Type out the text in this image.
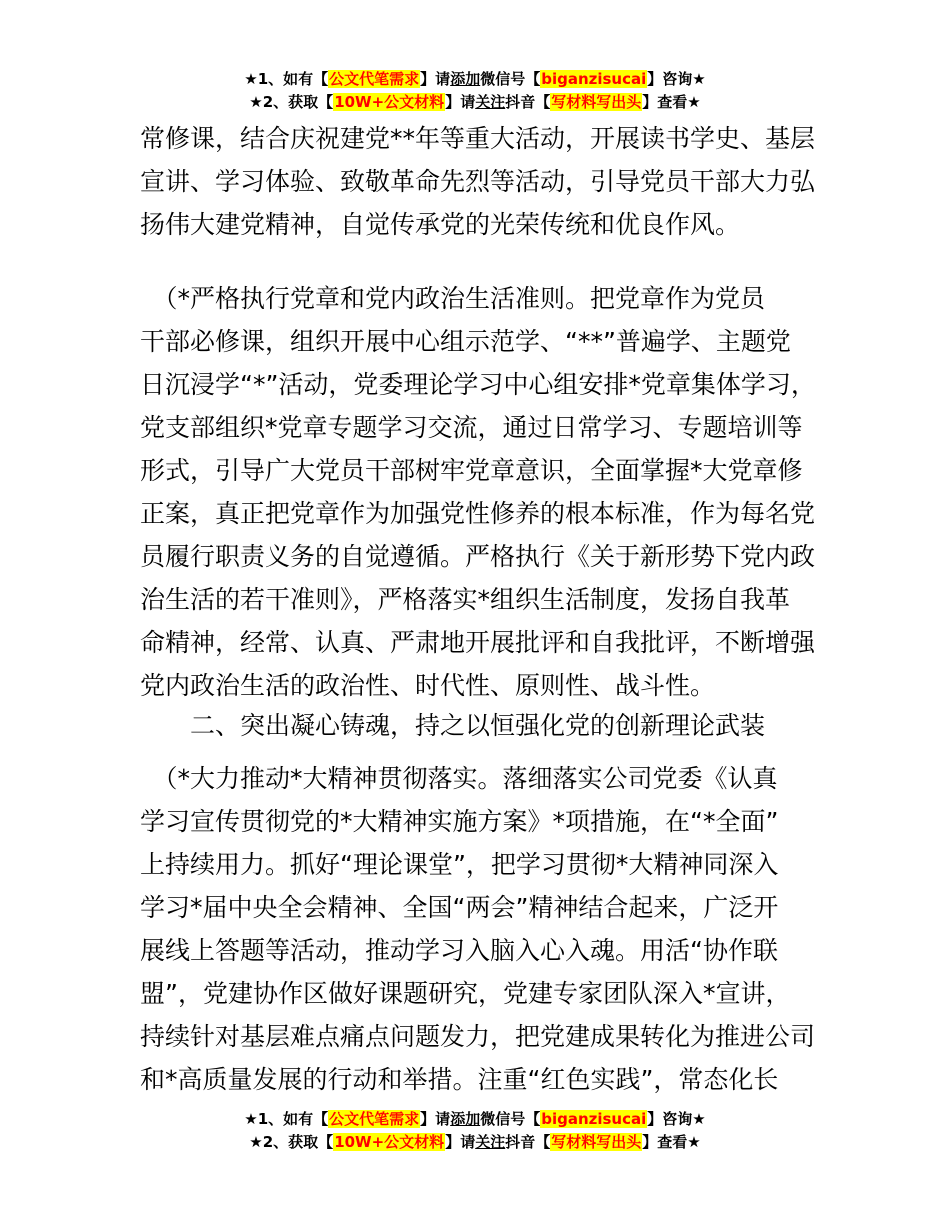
★1、如有【公文代笔需求】请添加微信号【biganzisucai】咨询★
★2、获取【10W+公文材料】请关注抖音【写材料写出头】查看★
常修课，结合庆祝建党**年等重大活动，开展读书学史、基层
宣讲、学习体验、致敬革命先烈等活动，引导党员干部大力弘
扬伟大建党精神，自觉传承党的光荣传统和优良作风。
　（*严格执行党章和党内政治生活准则。把党章作为党员
干部必修课，组织开展中心组示范学、“**”普遍学、主题党
日沉浸学“*”活动，党委理论学习中心组安排*党章集体学习，
党支部组织*党章专题学习交流，通过日常学习、专题培训等
形式，引导广大党员干部树牢党章意识，全面掌握*大党章修
正案，真正把党章作为加强党性修养的根本标准，作为每名党
员履行职责义务的自觉遵循。严格执行《关于新形势下党内政
治生活的若干准则》，严格落实*组织生活制度，发扬自我革
命精神，经常、认真、严肃地开展批评和自我批评，不断增强
党内政治生活的政治性、时代性、原则性、战斗性。
二、突出凝心铸魂，持之以恒强化党的创新理论武装
　（*大力推动*大精神贯彻落实。落细落实公司党委《认真
学习宣传贯彻党的*大精神实施方案》*项措施，在“*全面”
上持续用力。抓好“理论课堂”，把学习贯彻*大精神同深入
学习*届中央全会精神、全国“两会”精神结合起来，广泛开
展线上答题等活动，推动学习入脑入心入魂。用活“协作联
盟”，党建协作区做好课题研究，党建专家团队深入*宣讲，
持续针对基层难点痛点问题发力，把党建成果转化为推进公司
和*高质量发展的行动和举措。注重“红色实践”，常态化长
★1、如有【公文代笔需求】请添加微信号【biganzisucai】咨询★
★2、获取【10W+公文材料】请关注抖音【写材料写出头】查看★
